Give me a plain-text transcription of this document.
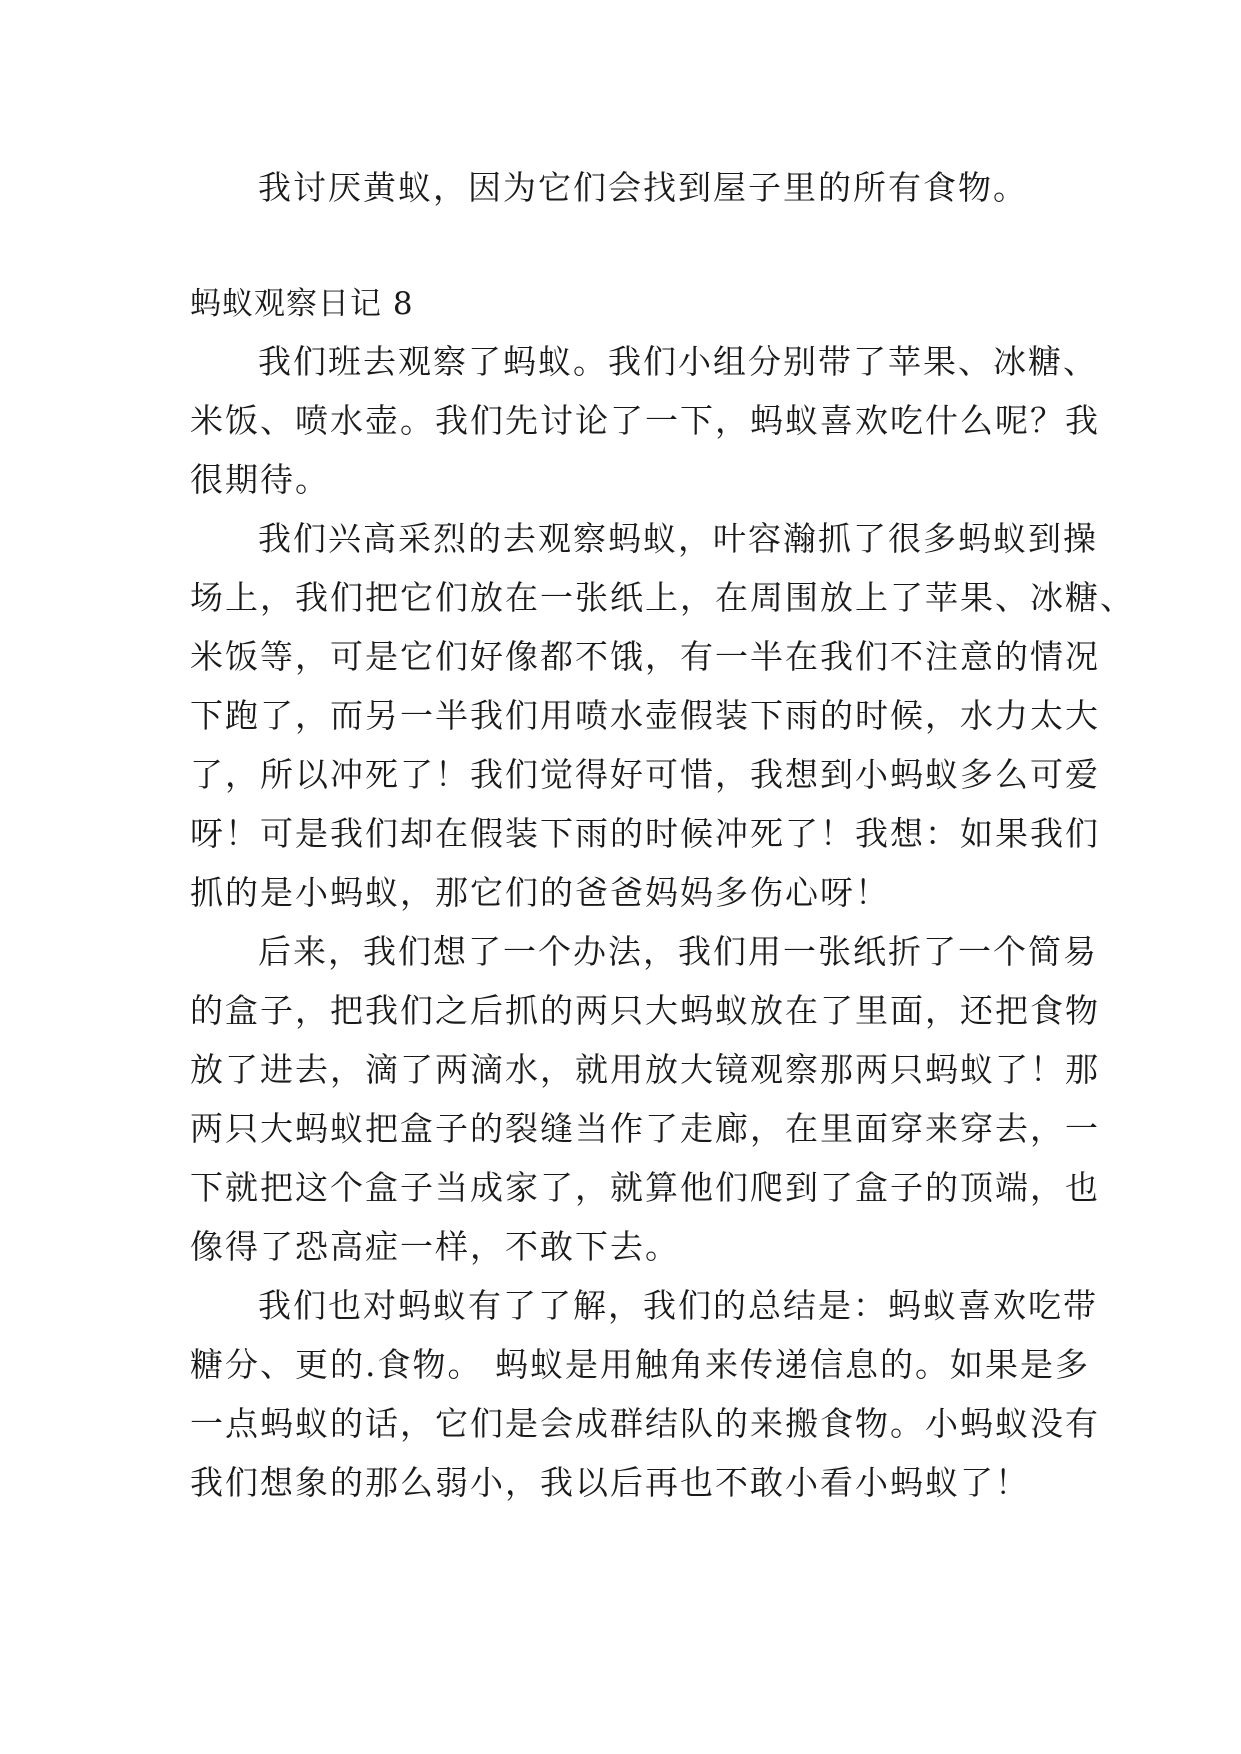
我讨厌黄蚁，因为它们会找到屋子里的所有食物。

蚂蚁观察日记 8

我们班去观察了蚂蚁。我们小组分别带了苹果、冰糖、

米饭、喷水壶。我们先讨论了一下，蚂蚁喜欢吃什么呢？我

很期待。

我们兴高采烈的去观察蚂蚁，叶容瀚抓了很多蚂蚁到操

场上，我们把它们放在一张纸上，在周围放上了苹果、冰糖、

米饭等，可是它们好像都不饿，有一半在我们不注意的情况

下跑了，而另一半我们用喷水壶假装下雨的时候，水力太大

了，所以冲死了！我们觉得好可惜，我想到小蚂蚁多么可爱

呀！可是我们却在假装下雨的时候冲死了！我想：如果我们

抓的是小蚂蚁，那它们的爸爸妈妈多伤心呀！

后来，我们想了一个办法，我们用一张纸折了一个简易

的盒子，把我们之后抓的两只大蚂蚁放在了里面，还把食物

放了进去，滴了两滴水，就用放大镜观察那两只蚂蚁了！那

两只大蚂蚁把盒子的裂缝当作了走廊，在里面穿来穿去，一

下就把这个盒子当成家了，就算他们爬到了盒子的顶端，也

像得了恐高症一样，不敢下去。

我们也对蚂蚁有了了解，我们的总结是：蚂蚁喜欢吃带

糖分、更的.食物。 蚂蚁是用触角来传递信息的。如果是多

一点蚂蚁的话，它们是会成群结队的来搬食物。小蚂蚁没有

我们想象的那么弱小，我以后再也不敢小看小蚂蚁了！
